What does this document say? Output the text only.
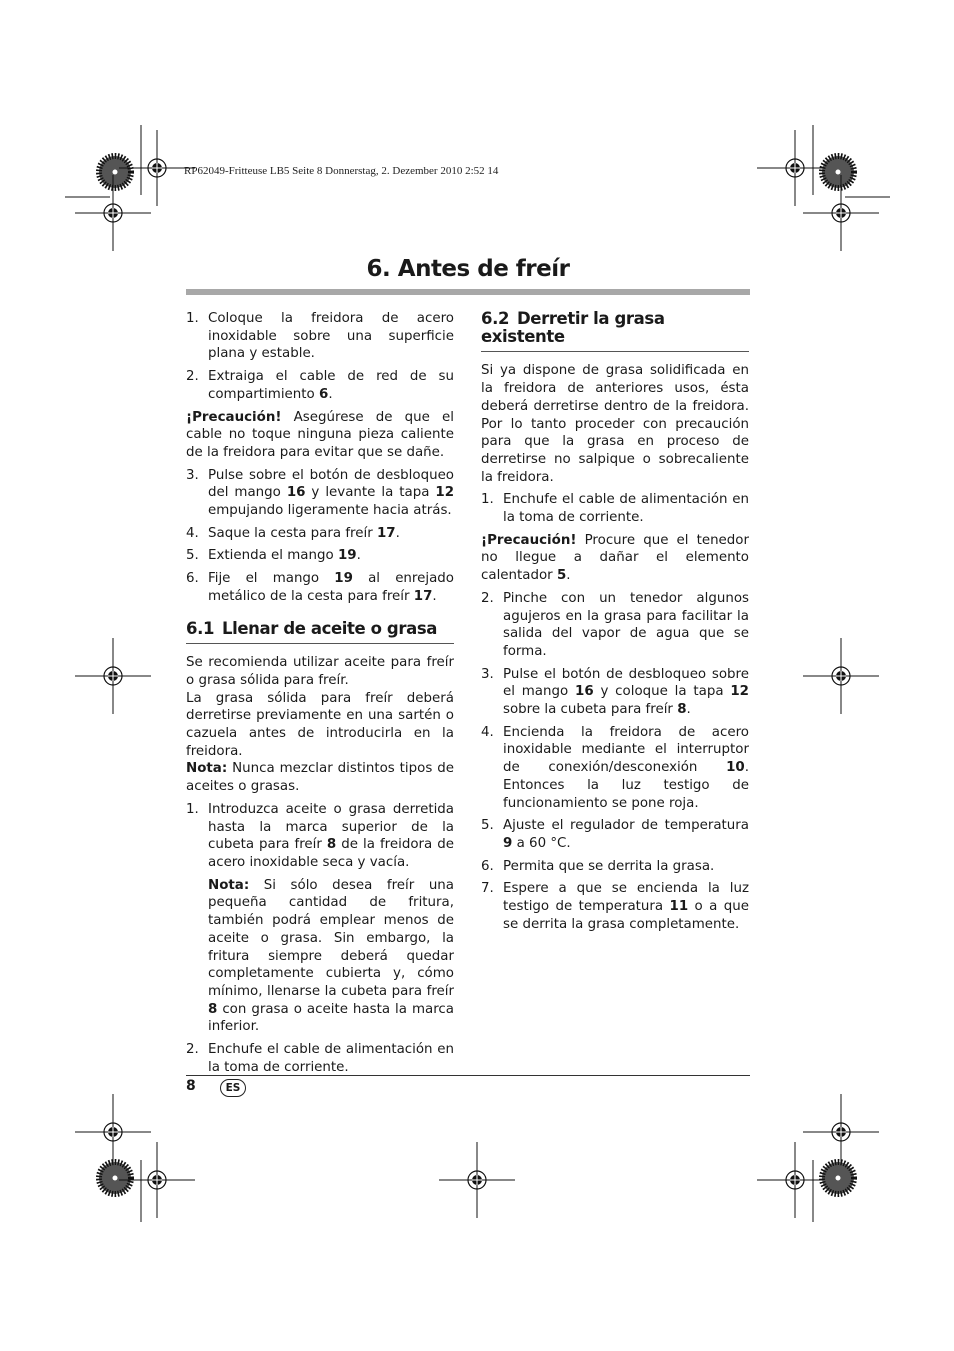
RP62049-Fritteuse LB5 Seite 8 Donnerstag, 2. Dezember 2010 2:52 14
6. Antes de freír
1. Coloque la freidora de acero inoxidable sobre una superficie plana y estable.
2. Extraiga el cable de red de su compartimiento 6.

¡Precaución! Asegúrese de que el cable no toque ninguna pieza caliente de la freidora para evitar que se dañe.

3. Pulse sobre el botón de desbloqueo del mango 16 y levante la tapa 12 empujando ligeramente hacia atrás.
4. Saque la cesta para freír 17.
5. Extienda el mango 19.
6. Fije el mango 19 al enrejado metálico de la cesta para freír 17.
6.1 Llenar de aceite o grasa

Se recomienda utilizar aceite para freír o grasa sólida para freír.

La grasa sólida para freír deberá derretirse previamente en una sartén o cazuela antes de introducirla en la freidora.

Nota: Nunca mezclar distintos tipos de aceites o grasas.

1. Introduzca aceite o grasa derretida hasta la marca superior de la cubeta para freír 8 de la freidora de acero inoxidable seca y vacía.

Nota: Si sólo desea freír una pequeña cantidad de fritura, también podrá emplear menos de aceite o grasa. Sin embargo, la fritura siempre deberá quedar completamente cubierta y, cómo mínimo, llenarse la cubeta para freír 8 con grasa o aceite hasta la marca inferior.

2. Enchufe el cable de alimentación en la toma de corriente.
6.2 Derretir la grasa existente

Si ya dispone de grasa solidificada en la freidora de anteriores usos, ésta deberá derretirse dentro de la freidora. Por lo tanto proceder con precaución para que la grasa en proceso de derretirse no salpique o sobrecaliente la freidora.

1. Enchufe el cable de alimentación en la toma de corriente.

¡Precaución! Procure que el tenedor no llegue a dañar el elemento calentador 5.

2. Pinche con un tenedor algunos agujeros en la grasa para facilitar la salida del vapor de agua que se forma.
3. Pulse el botón de desbloqueo sobre el mango 16 y coloque la tapa 12 sobre la cubeta para freír 8.
4. Encienda la freidora de acero inoxidable mediante el interruptor de conexión/desconexión 10. Entonces la luz testigo de funcionamiento se pone roja.
5. Ajuste el regulador de temperatura 9 a 60 °C.
6. Permita que se derrita la grasa.
7. Espere a que se encienda la luz testigo de temperatura 11 o a que se derrita la grasa completamente.
8	ES
